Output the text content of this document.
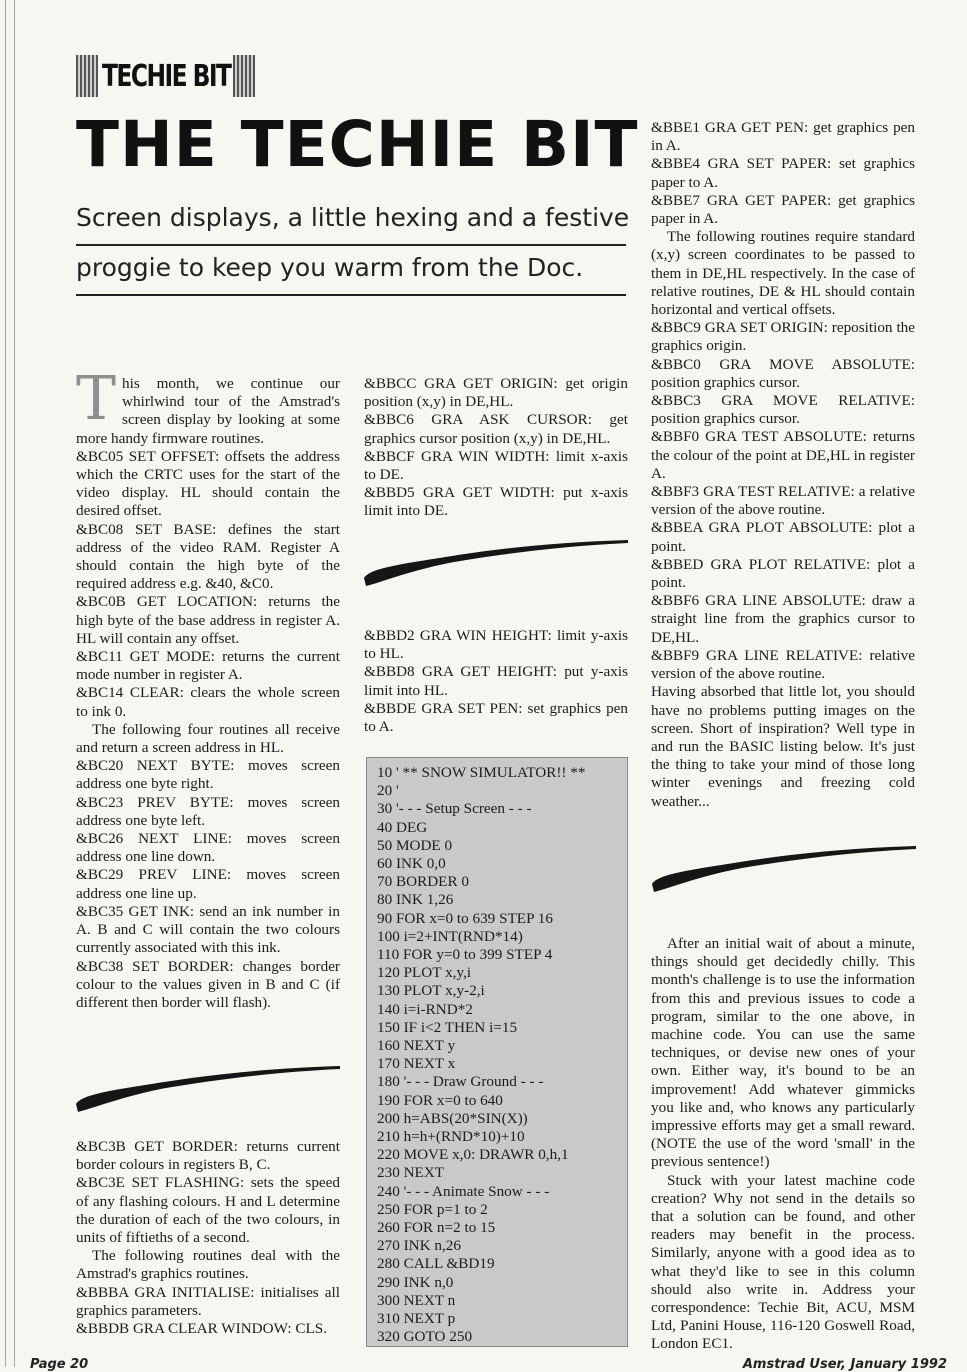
TECHIE BIT
THE TECHIE BIT
Screen displays, a little hexing and a festive
proggie to keep you warm from the Doc.
T his month, we continue our whirlwind tour of the Amstrad's screen display by looking at some more handy firmware routines.

&BC05 SET OFFSET: offsets the address which the CRTC uses for the start of the video display. HL should contain the desired offset.

&BC08 SET BASE: defines the start address of the video RAM. Register A should contain the high byte of the required address e.g. &40, &C0.

&BC0B GET LOCATION: returns the high byte of the base address in register A. HL will contain any offset.

&BC11 GET MODE: returns the current mode number in register A.

&BC14 CLEAR: clears the whole screen to ink 0.

The following four routines all receive and return a screen address in HL.

&BC20 NEXT BYTE: moves screen address one byte right.

&BC23 PREV BYTE: moves screen address one byte left.

&BC26 NEXT LINE: moves screen address one line down.

&BC29 PREV LINE: moves screen address one line up.

&BC35 GET INK: send an ink number in A. B and C will contain the two colours currently associated with this ink.

&BC38 SET BORDER: changes border colour to the values given in B and C (if different then border will flash).

&BC3B GET BORDER: returns current border colours in registers B, C.

&BC3E SET FLASHING: sets the speed of any flashing colours. H and L determine the duration of each of the two colours, in units of fiftieths of a second.

The following routines deal with the Amstrad's graphics routines.

&BBBA GRA INITIALISE: initialises all graphics parameters.

&BBDB GRA CLEAR WINDOW: CLS.

&BBCC GRA GET ORIGIN: get origin position (x,y) in DE,HL.

&BBC6 GRA ASK CURSOR: get graphics cursor position (x,y) in DE,HL.

&BBCF GRA WIN WIDTH: limit x-axis to DE.

&BBD5 GRA GET WIDTH: put x-axis limit into DE.

&BBD2 GRA WIN HEIGHT: limit y-axis to HL.

&BBD8 GRA GET HEIGHT: put y-axis limit into HL.

&BBDE GRA SET PEN: set graphics pen to A.

10 ' ** SNOW SIMULATOR!! **
20 '
30 '- - - Setup Screen - - -
40 DEG
50 MODE 0
60 INK 0,0
70 BORDER 0
80 INK 1,26
90 FOR x=0 to 639 STEP 16
100 i=2+INT(RND*14)
110 FOR y=0 to 399 STEP 4
120 PLOT x,y,i
130 PLOT x,y-2,i
140 i=i-RND*2
150 IF i<2 THEN i=15
160 NEXT y
170 NEXT x
180 '- - - Draw Ground - - -
190 FOR x=0 to 640
200 h=ABS(20*SIN(X))
210 h=h+(RND*10)+10
220 MOVE x,0: DRAWR 0,h,1
230 NEXT
240 '- - - Animate Snow - - -
250 FOR p=1 to 2
260 FOR n=2 to 15
270 INK n,26
280 CALL &BD19
290 INK n,0
300 NEXT n
310 NEXT p
320 GOTO 250

&BBE1 GRA GET PEN: get graphics pen in A.

&BBE4 GRA SET PAPER: set graphics paper to A.

&BBE7 GRA GET PAPER: get graphics paper in A.

The following routines require standard (x,y) screen coordinates to be passed to them in DE,HL respectively. In the case of relative routines, DE & HL should contain horizontal and vertical offsets.

&BBC9 GRA SET ORIGIN: reposition the graphics origin.

&BBC0 GRA MOVE ABSOLUTE: position graphics cursor.

&BBC3 GRA MOVE RELATIVE: position graphics cursor.

&BBF0 GRA TEST ABSOLUTE: returns the colour of the point at DE,HL in register A.

&BBF3 GRA TEST RELATIVE: a relative version of the above routine.

&BBEA GRA PLOT ABSOLUTE: plot a point.

&BBED GRA PLOT RELATIVE: plot a point.

&BBF6 GRA LINE ABSOLUTE: draw a straight line from the graphics cursor to DE,HL.

&BBF9 GRA LINE RELATIVE: relative version of the above routine.

Having absorbed that little lot, you should have no problems putting images on the screen. Short of inspiration? Well type in and run the BASIC listing below. It's just the thing to take your mind of those long winter evenings and freezing cold weather...

After an initial wait of about a minute, things should get decidedly chilly. This month's challenge is to use the information from this and previous issues to code a program, similar to the one above, in machine code. You can use the same techniques, or devise new ones of your own. Either way, it's bound to be an improvement! Add whatever gimmicks you like and, who knows any particularly impressive efforts may get a small reward. (NOTE the use of the word 'small' in the previous sentence!)

Stuck with your latest machine code creation? Why not send in the details so that a solution can be found, and other readers may benefit in the process. Similarly, anyone with a good idea as to what they'd like to see in this column should also write in. Address your correspondence: Techie Bit, ACU, MSM Ltd, Panini House, 116-120 Goswell Road, London EC1.

Page 20	Amstrad User, January 1992
